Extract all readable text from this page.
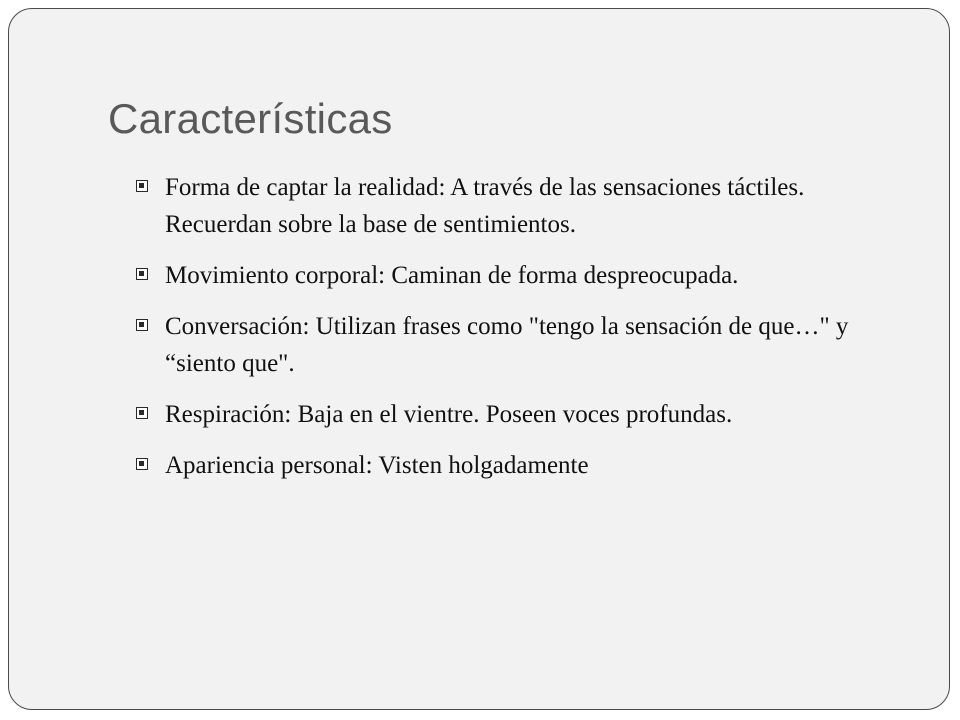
Características
Forma de captar la realidad: A través de las sensaciones táctiles. Recuerdan sobre la base de sentimientos.
Movimiento corporal: Caminan de forma despreocupada.
Conversación: Utilizan frases como "tengo la sensación de que…" y “siento que".
Respiración: Baja en el vientre. Poseen voces profundas.
Apariencia personal: Visten holgadamente
